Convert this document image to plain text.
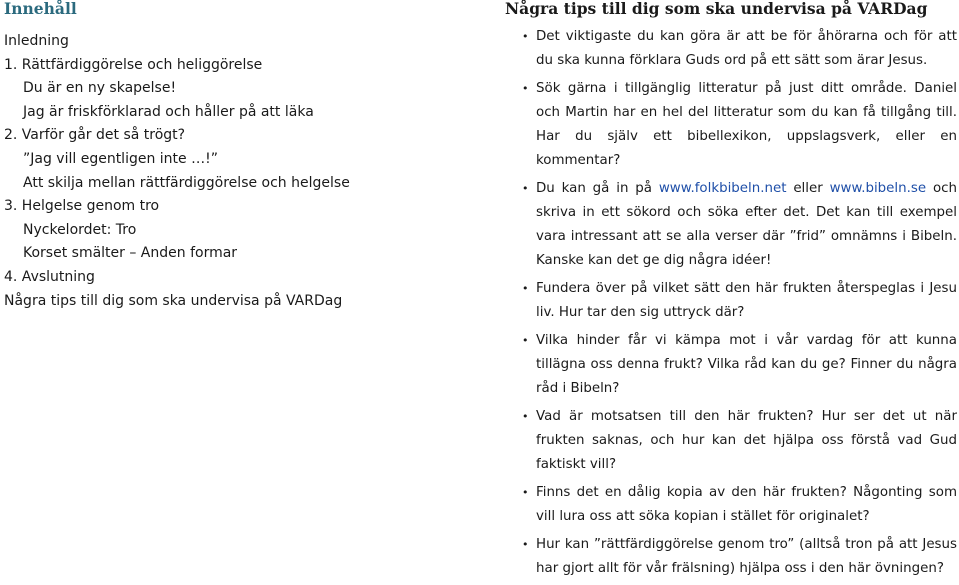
Innehåll
Inledning
1. Rättfärdiggörelse och heliggörelse
Du är en ny skapelse!
Jag är friskförklarad och håller på att läka
2. Varför går det så trögt?
”Jag vill egentligen inte …!”
Att skilja mellan rättfärdiggörelse och helgelse
3. Helgelse genom tro
Nyckelordet: Tro
Korset smälter – Anden formar
4. Avslutning
Några tips till dig som ska undervisa på VARDag
Några tips till dig som ska undervisa på VARDag
• Det viktigaste du kan göra är att be för åhörarna och för att du ska kunna förklara Guds ord på ett sätt som ärar Jesus.
• Sök gärna i tillgänglig litteratur på just ditt område. Daniel och Martin har en hel del litteratur som du kan få tillgång till. Har du själv ett bibellexikon, uppslagsverk, eller en kommentar?
• Du kan gå in på www.folkbibeln.net eller www.bibeln.se och skriva in ett sökord och söka efter det. Det kan till exempel vara intressant att se alla verser där ”frid” omnämns i Bibeln. Kanske kan det ge dig några idéer!
• Fundera över på vilket sätt den här frukten återspeglas i Jesu liv. Hur tar den sig uttryck där?
• Vilka hinder får vi kämpa mot i vår vardag för att kunna tillägna oss denna frukt? Vilka råd kan du ge? Finner du några råd i Bibeln?
• Vad är motsatsen till den här frukten? Hur ser det ut när frukten saknas, och hur kan det hjälpa oss förstå vad Gud faktiskt vill?
• Finns det en dålig kopia av den här frukten? Någonting som vill lura oss att söka kopian i stället för originalet?
• Hur kan ”rättfärdiggörelse genom tro” (alltså tron på att Jesus har gjort allt för vår frälsning) hjälpa oss i den här övningen?
